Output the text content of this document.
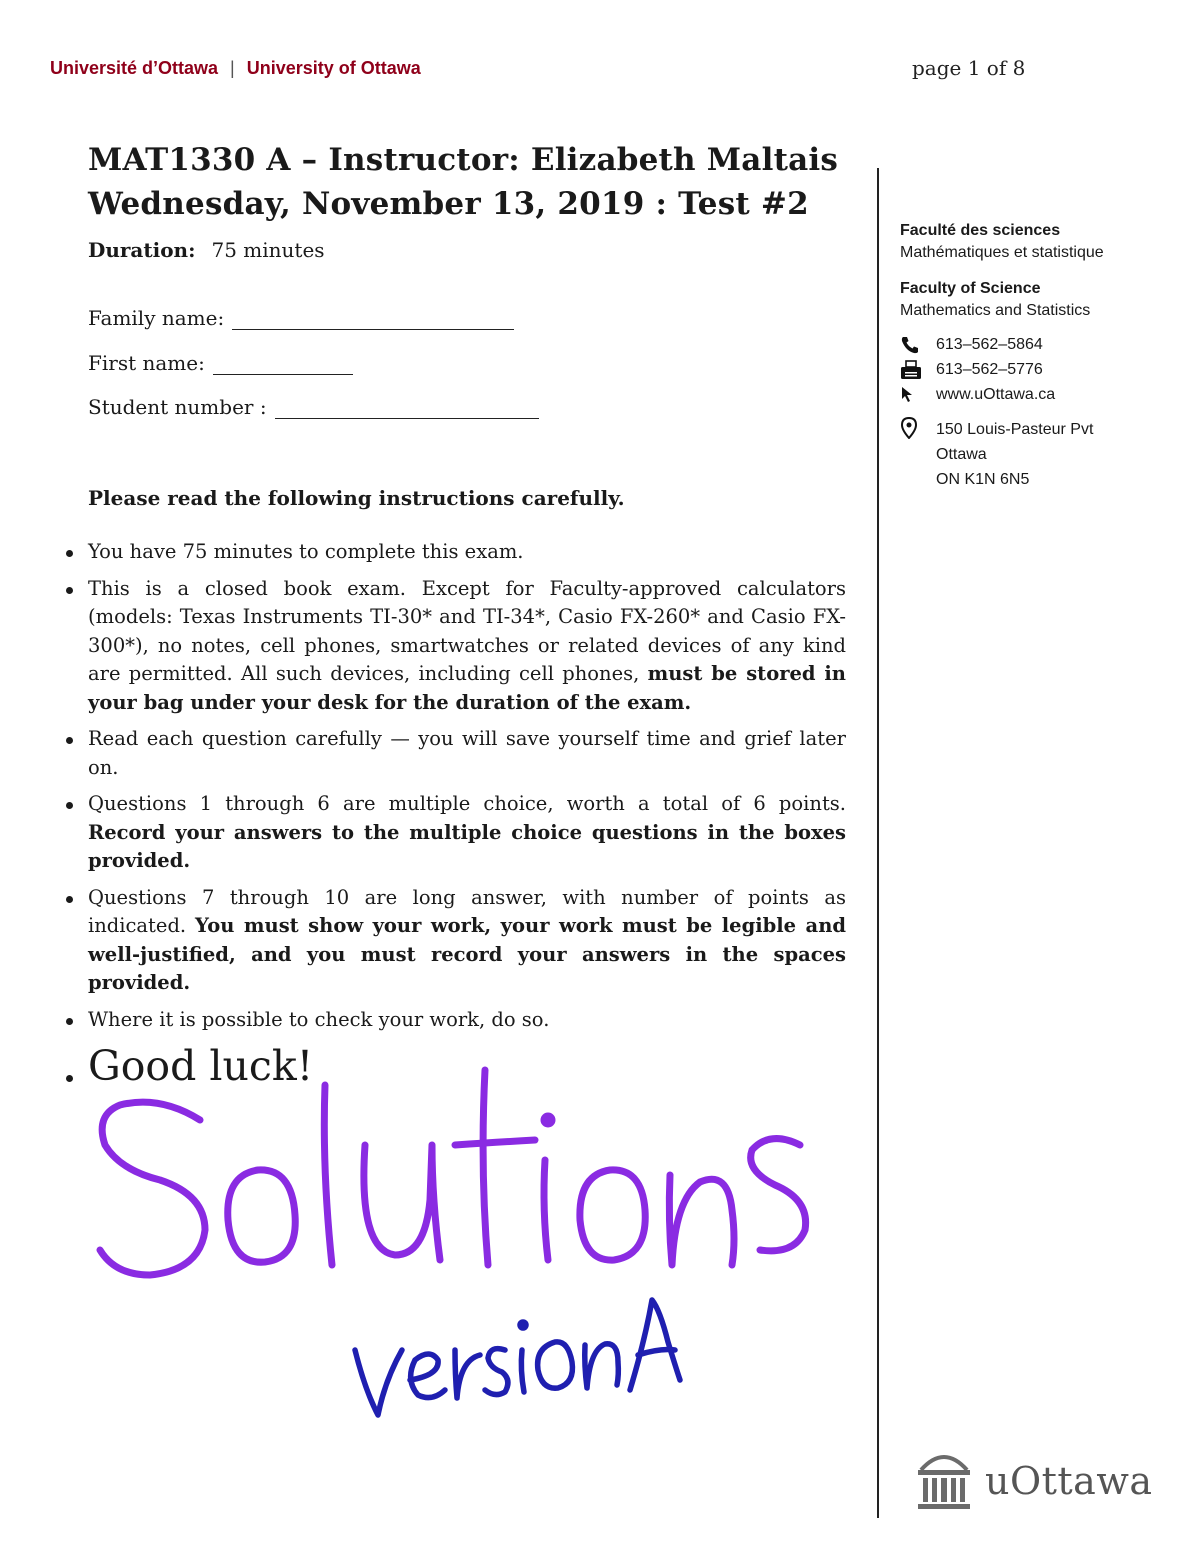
Université d’Ottawa | University of Ottawa	page 1 of 8
MAT1330 A – Instructor: Elizabeth Maltais
Wednesday, November 13, 2019 : Test #2
Duration: 75 minutes
Family name:
First name:
Student number :
Please read the following instructions carefully.
You have 75 minutes to complete this exam.
This is a closed book exam. Except for Faculty-approved calculators (models: Texas Instruments TI-30* and TI-34*, Casio FX-260* and Casio FX-300*), no notes, cell phones, smartwatches or related devices of any kind are permitted. All such devices, including cell phones, must be stored in your bag under your desk for the duration of the exam.
Read each question carefully — you will save yourself time and grief later on.
Questions 1 through 6 are multiple choice, worth a total of 6 points. Record your answers to the multiple choice questions in the boxes provided.
Questions 7 through 10 are long answer, with number of points as indicated. You must show your work, your work must be legible and well-justified, and you must record your answers in the spaces provided.
Where it is possible to check your work, do so.
Good luck!
Faculté des sciences
Mathématiques et statistique
Faculty of Science
Mathematics and Statistics
613–562–5864
613–562–5776
www.uOttawa.ca
150 Louis-Pasteur Pvt
Ottawa
ON K1N 6N5
uOttawa
